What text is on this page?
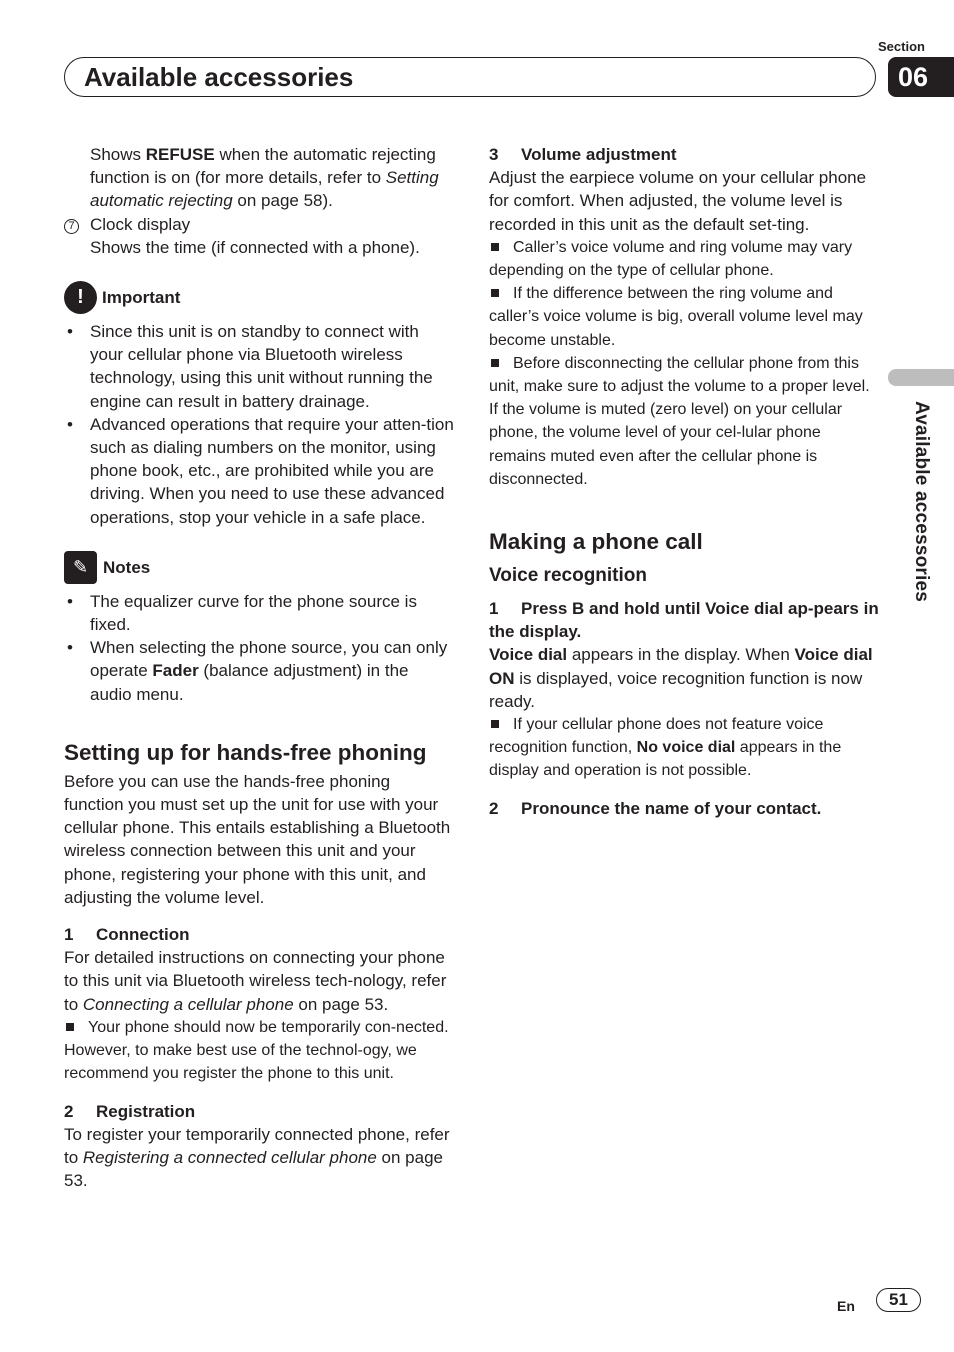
Section
06
Available accessories
Available accessories

Shows REFUSE when the automatic rejecting function is on (for more details, refer to Setting automatic rejecting on page 58).

7 Clock display

Shows the time (if connected with a phone).

!	Important
• Since this unit is on standby to connect with your cellular phone via Bluetooth wireless technology, using this unit without running the engine can result in battery drainage.
• Advanced operations that require your atten-tion such as dialing numbers on the monitor, using phone book, etc., are prohibited while you are driving. When you need to use these advanced operations, stop your vehicle in a safe place.
✎ Notes
• The equalizer curve for the phone source is fixed.
• When selecting the phone source, you can only operate Fader (balance adjustment) in the audio menu.
Setting up for hands-free phoning

Before you can use the hands-free phoning function you must set up the unit for use with your cellular phone. This entails establishing a Bluetooth wireless connection between this unit and your phone, registering your phone with this unit, and adjusting the volume level.

1 Connection

For detailed instructions on connecting your phone to this unit via Bluetooth wireless tech-nology, refer to Connecting a cellular phone on page 53.

Your phone should now be temporarily con-nected. However, to make best use of the technol-ogy, we recommend you register the phone to this unit.

2 Registration

To register your temporarily connected phone, refer to Registering a connected cellular phone on page 53.

3 Volume adjustment

Adjust the earpiece volume on your cellular phone for comfort. When adjusted, the volume level is recorded in this unit as the default set-ting.

Caller’s voice volume and ring volume may vary depending on the type of cellular phone.

If the difference between the ring volume and caller’s voice volume is big, overall volume level may become unstable.

Before disconnecting the cellular phone from this unit, make sure to adjust the volume to a proper level. If the volume is muted (zero level) on your cellular phone, the volume level of your cel-lular phone remains muted even after the cellular phone is disconnected.

Making a phone call
Voice recognition

1 Press B and hold until Voice dial ap-pears in the display.

Voice dial appears in the display. When Voice dial ON is displayed, voice recognition function is now ready.

If your cellular phone does not feature voice recognition function, No voice dial appears in the display and operation is not possible.

2 Pronounce the name of your contact.

En	51
